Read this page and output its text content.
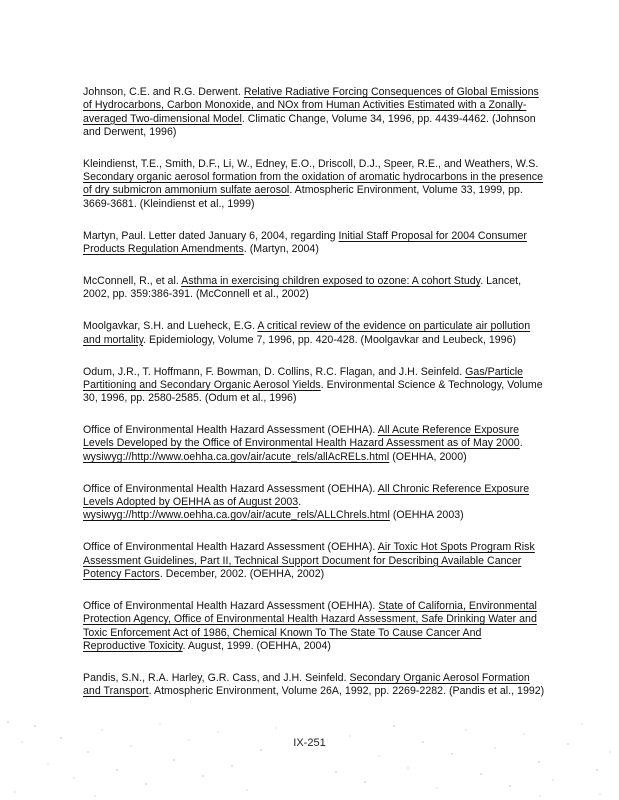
Johnson, C.E. and R.G. Derwent. Relative Radiative Forcing Consequences of Global Emissions of Hydrocarbons, Carbon Monoxide, and NOx from Human Activities Estimated with a Zonally-averaged Two-dimensional Model. Climatic Change, Volume 34, 1996, pp. 4439-4462. (Johnson and Derwent, 1996)

Kleindienst, T.E., Smith, D.F., Li, W., Edney, E.O., Driscoll, D.J., Speer, R.E., and Weathers, W.S. Secondary organic aerosol formation from the oxidation of aromatic hydrocarbons in the presence of dry submicron ammonium sulfate aerosol. Atmospheric Environment, Volume 33, 1999, pp. 3669-3681. (Kleindienst et al., 1999)

Martyn, Paul. Letter dated January 6, 2004, regarding Initial Staff Proposal for 2004 Consumer Products Regulation Amendments. (Martyn, 2004)

McConnell, R., et al. Asthma in exercising children exposed to ozone: A cohort Study. Lancet, 2002, pp. 359:386-391. (McConnell et al., 2002)

Moolgavkar, S.H. and Lueheck, E.G. A critical review of the evidence on particulate air pollution and mortality. Epidemiology, Volume 7, 1996, pp. 420-428. (Moolgavkar and Leubeck, 1996)

Odum, J.R., T. Hoffmann, F. Bowman, D. Collins, R.C. Flagan, and J.H. Seinfeld. Gas/Particle Partitioning and Secondary Organic Aerosol Yields. Environmental Science & Technology, Volume 30, 1996, pp. 2580-2585. (Odum et al., 1996)

Office of Environmental Health Hazard Assessment (OEHHA). All Acute Reference Exposure Levels Developed by the Office of Environmental Health Hazard Assessment as of May 2000.
wysiwyg://http://www.oehha.ca.gov/air/acute_rels/allAcRELs.html (OEHHA, 2000)

Office of Environmental Health Hazard Assessment (OEHHA). All Chronic Reference Exposure Levels Adopted by OEHHA as of August 2003.
wysiwyg://http://www.oehha.ca.gov/air/acute_rels/ALLChrels.html (OEHHA 2003)

Office of Environmental Health Hazard Assessment (OEHHA). Air Toxic Hot Spots Program Risk Assessment Guidelines, Part II, Technical Support Document for Describing Available Cancer Potency Factors. December, 2002. (OEHHA, 2002)

Office of Environmental Health Hazard Assessment (OEHHA). State of California, Environmental Protection Agency, Office of Environmental Health Hazard Assessment, Safe Drinking Water and Toxic Enforcement Act of 1986, Chemical Known To The State To Cause Cancer And Reproductive Toxicity. August, 1999. (OEHHA, 2004)

Pandis, S.N., R.A. Harley, G.R. Cass, and J.H. Seinfeld. Secondary Organic Aerosol Formation and Transport. Atmospheric Environment, Volume 26A, 1992, pp. 2269-2282. (Pandis et al., 1992)

IX-251
